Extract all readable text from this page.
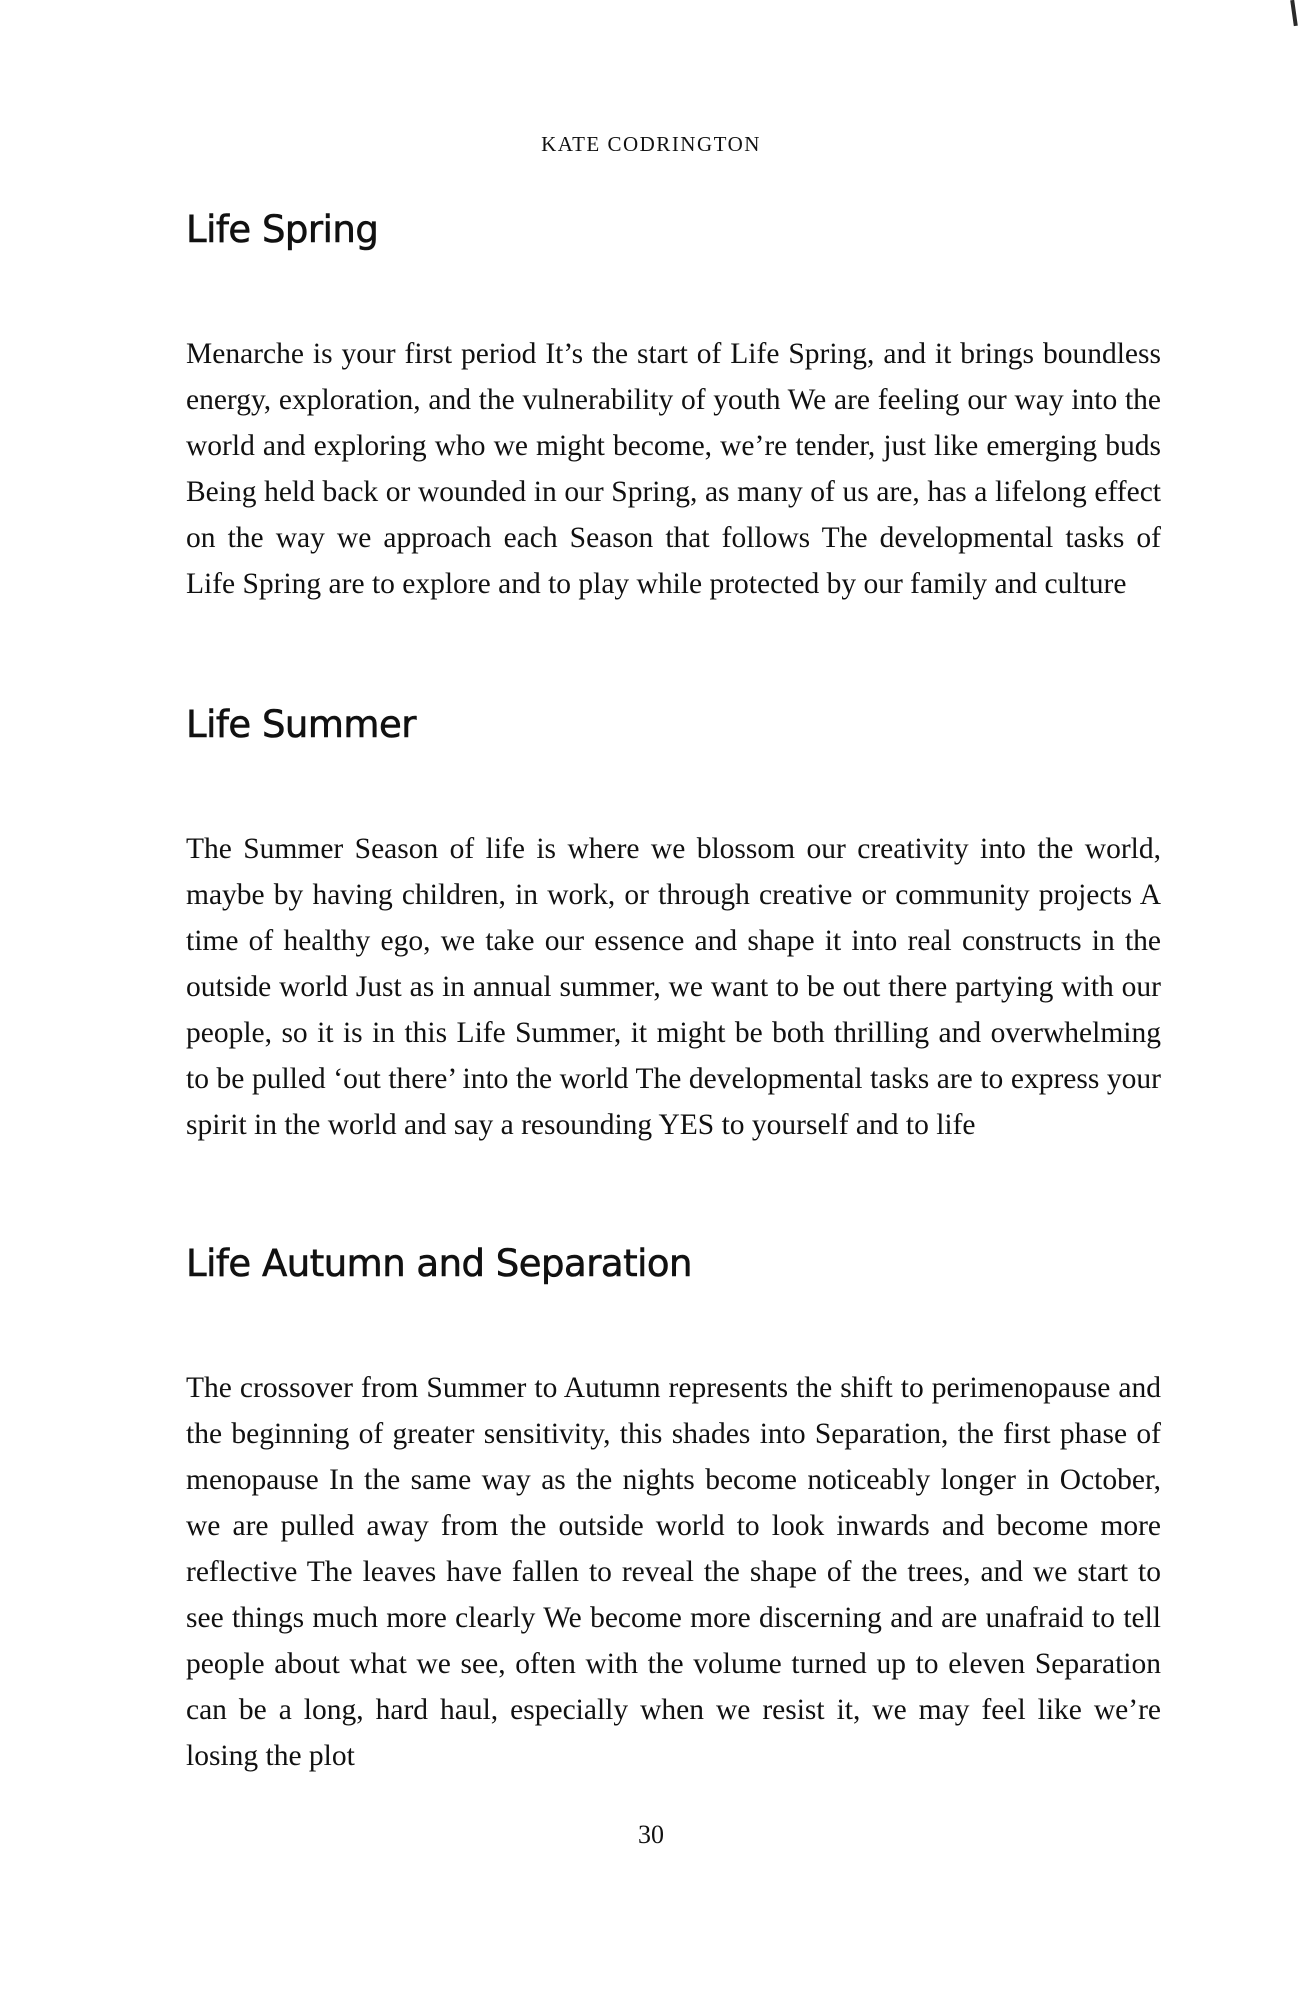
KATE CODRINGTON
Life Spring

Menarche is your first period It’s the start of Life Spring, and it brings boundless energy, exploration, and the vulnerability of youth We are feeling our way into the world and exploring who we might become, we’re tender, just like emerging buds Being held back or wounded in our Spring, as many of us are, has a lifelong effect on the way we approach each Season that follows The developmental tasks of Life Spring are to explore and to play while protected by our family and culture

Life Summer

The Summer Season of life is where we blossom our creativity into the world, maybe by having children, in work, or through creative or community projects A time of healthy ego, we take our essence and shape it into real constructs in the outside world Just as in annual summer, we want to be out there partying with our people, so it is in this Life Summer, it might be both thrilling and overwhelming to be pulled ‘out there’ into the world The developmental tasks are to express your spirit in the world and say a resounding YES to yourself and to life

Life Autumn and Separation

The crossover from Summer to Autumn represents the shift to perimenopause and the beginning of greater sensitivity, this shades into Separation, the first phase of menopause In the same way as the nights become noticeably longer in October, we are pulled away from the outside world to look inwards and become more reflective The leaves have fallen to reveal the shape of the trees, and we start to see things much more clearly We become more discerning and are unafraid to tell people about what we see, often with the volume turned up to eleven Separation can be a long, hard haul, especially when we resist it, we may feel like we’re losing the plot

30
